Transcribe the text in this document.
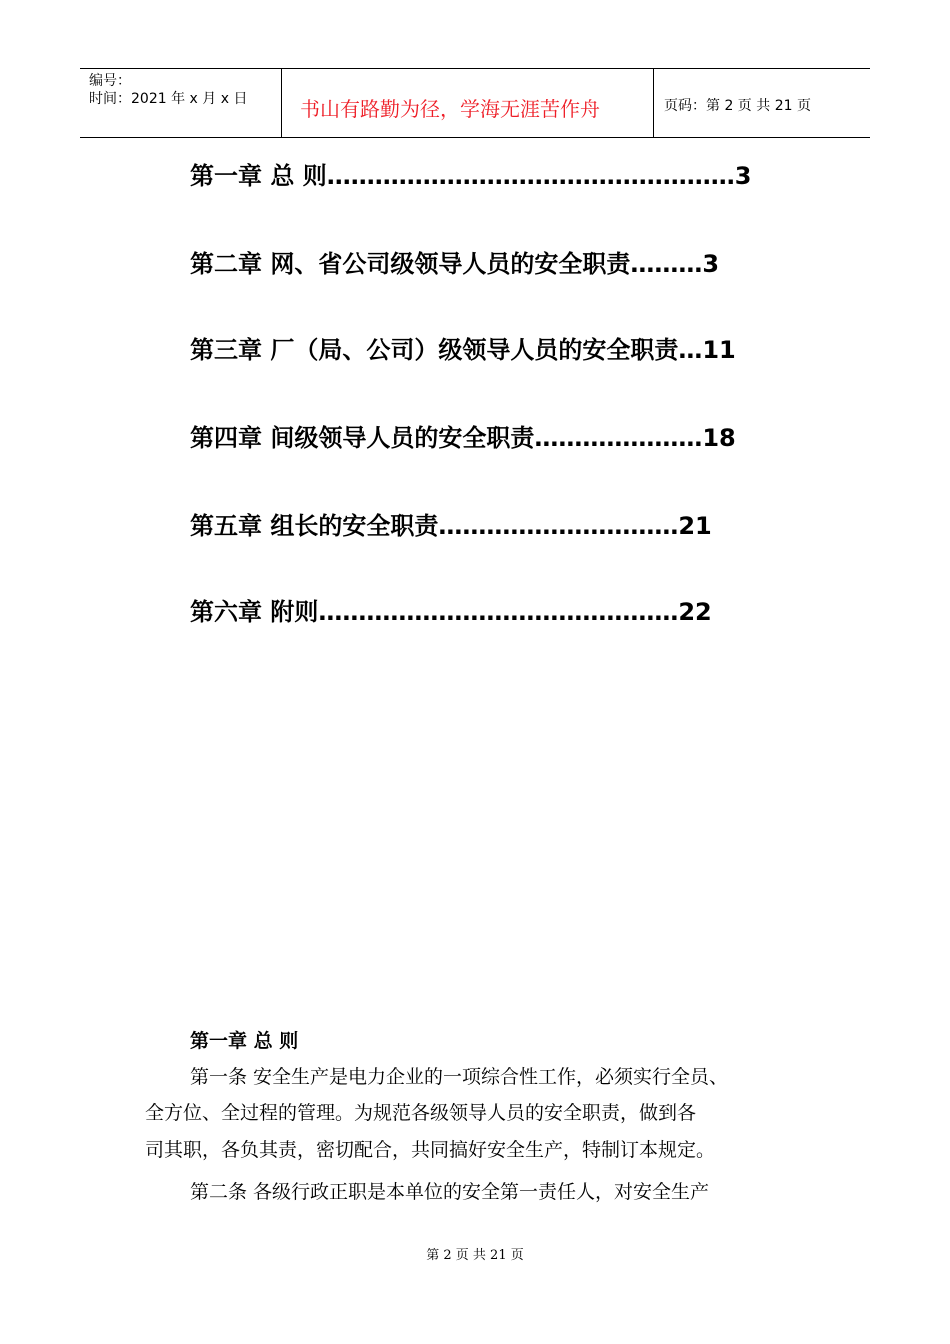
编号：
时间：2021 年 x 月 x 日	书山有路勤为径，学海无涯苦作舟	页码：第 2 页 共 21 页
第一章 总 则……………………………………………3
第二章 网、省公司级领导人员的安全职责………3
第三章 厂（局、公司）级领导人员的安全职责…11
第四章 间级领导人员的安全职责…………………18
第五章 组长的安全职责…………………………21
第六章 附则………………………………………22
第一章 总 则
第一条 安全生产是电力企业的一项综合性工作，必须实行全员、
全方位、全过程的管理。为规范各级领导人员的安全职责，做到各
司其职，各负其责，密切配合，共同搞好安全生产，特制订本规定。
第二条 各级行政正职是本单位的安全第一责任人，对安全生产
第 2 页 共 21 页
